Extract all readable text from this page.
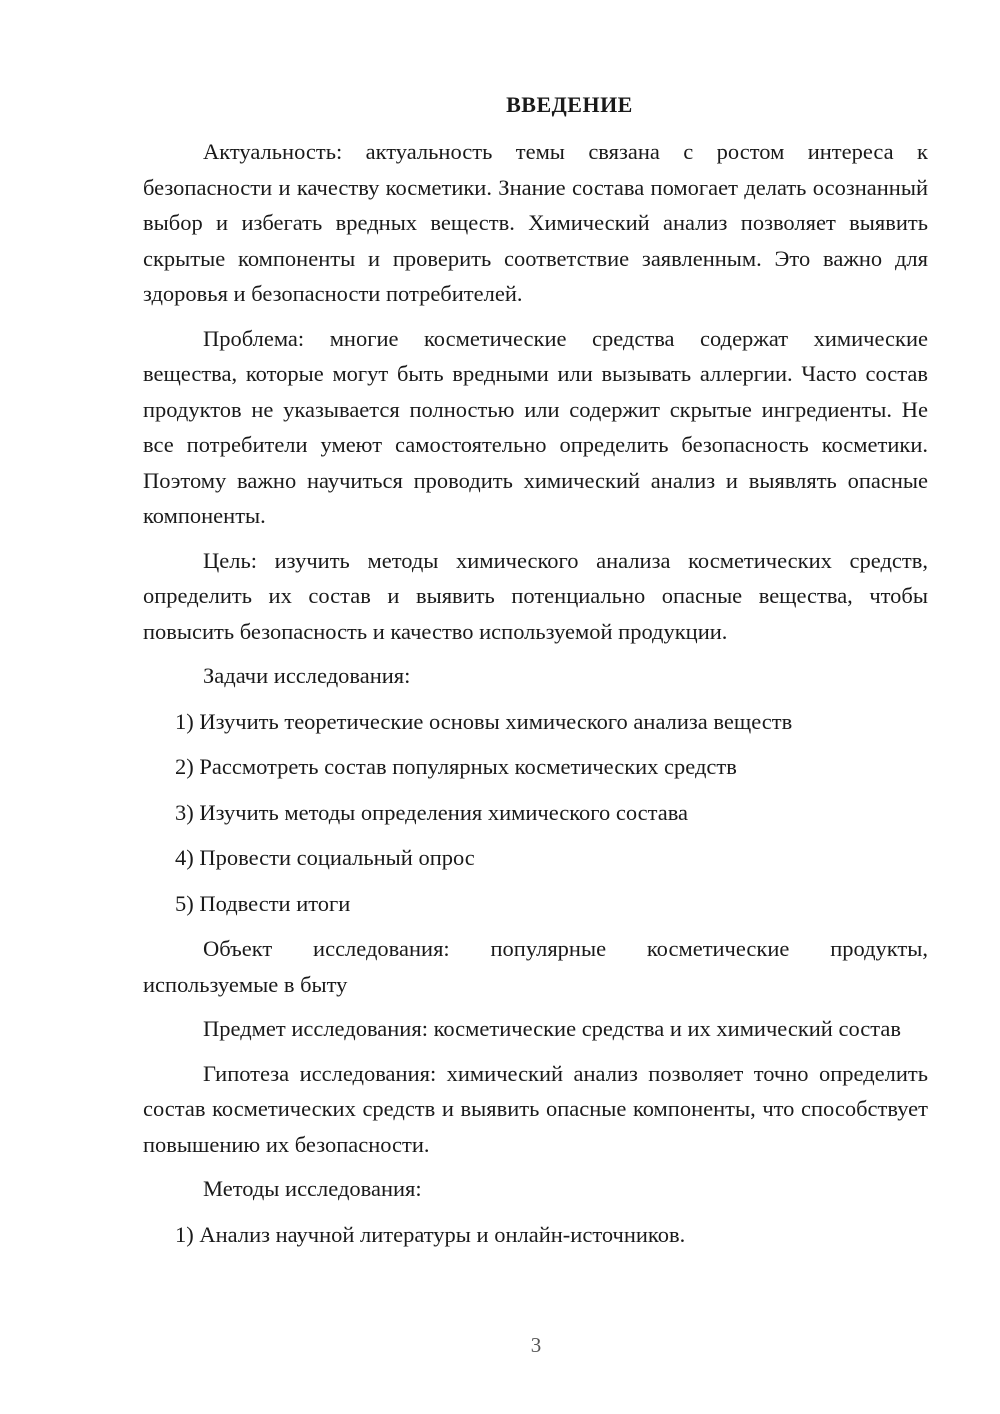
ВВЕДЕНИЕ

Актуальность: актуальность темы связана с ростом интереса к безопасности и качеству косметики. Знание состава помогает делать осознанный выбор и избегать вредных веществ. Химический анализ позволяет выявить скрытые компоненты и проверить соответствие заявленным. Это важно для здоровья и безопасности потребителей.

Проблема: многие косметические средства содержат химические вещества, которые могут быть вредными или вызывать аллергии. Часто состав продуктов не указывается полностью или содержит скрытые ингредиенты. Не все потребители умеют самостоятельно определить безопасность косметики. Поэтому важно научиться проводить химический анализ и выявлять опасные компоненты.

Цель: изучить методы химического анализа косметических средств, определить их состав и выявить потенциально опасные вещества, чтобы повысить безопасность и качество используемой продукции.

Задачи исследования:

1) Изучить теоретические основы химического анализа веществ

2) Рассмотреть состав популярных косметических средств

3) Изучить методы определения химического состава

4) Провести социальный опрос

5) Подвести итоги

Объект исследования: популярные косметические продукты, используемые в быту

Предмет исследования: косметические средства и их химический состав

Гипотеза исследования: химический анализ позволяет точно определить состав косметических средств и выявить опасные компоненты, что способствует повышению их безопасности.

Методы исследования:

1) Анализ научной литературы и онлайн-источников.

3
